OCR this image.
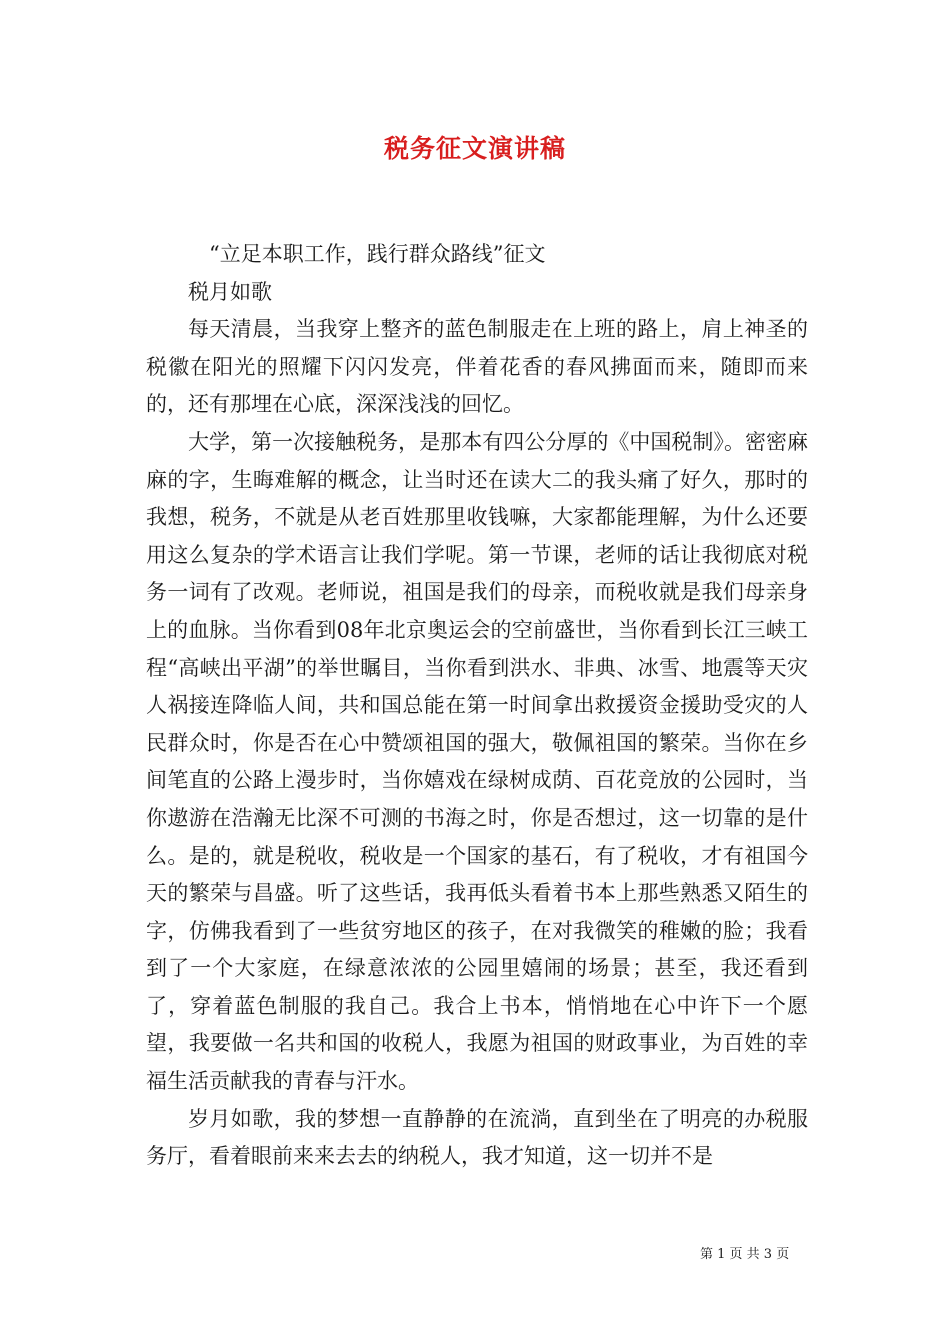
税务征文演讲稿

“立足本职工作，践行群众路线”征文

税月如歌

每天清晨，当我穿上整齐的蓝色制服走在上班的路上，肩上神圣的税徽在阳光的照耀下闪闪发亮，伴着花香的春风拂面而来，随即而来的，还有那埋在心底，深深浅浅的回忆。

大学，第一次接触税务，是那本有四公分厚的《中国税制》。密密麻麻的字，生晦难解的概念，让当时还在读大二的我头痛了好久，那时的我想，税务，不就是从老百姓那里收钱嘛，大家都能理解，为什么还要用这么复杂的学术语言让我们学呢。第一节课，老师的话让我彻底对税务一词有了改观。老师说，祖国是我们的母亲，而税收就是我们母亲身上的血脉。当你看到08年北京奥运会的空前盛世，当你看到长江三峡工程“高峡出平湖”的举世瞩目，当你看到洪水、非典、冰雪、地震等天灾人祸接连降临人间，共和国总能在第一时间拿出救援资金援助受灾的人民群众时，你是否在心中赞颂祖国的强大，敬佩祖国的繁荣。当你在乡间笔直的公路上漫步时，当你嬉戏在绿树成荫、百花竞放的公园时，当你遨游在浩瀚无比深不可测的书海之时，你是否想过，这一切靠的是什么。是的，就是税收，税收是一个国家的基石，有了税收，才有祖国今天的繁荣与昌盛。听了这些话，我再低头看着书本上那些熟悉又陌生的字，仿佛我看到了一些贫穷地区的孩子，在对我微笑的稚嫩的脸；我看到了一个大家庭，在绿意浓浓的公园里嬉闹的场景；甚至，我还看到了，穿着蓝色制服的我自己。我合上书本，悄悄地在心中许下一个愿望，我要做一名共和国的收税人，我愿为祖国的财政事业，为百姓的幸福生活贡献我的青春与汗水。

岁月如歌，我的梦想一直静静的在流淌，直到坐在了明亮的办税服务厅，看着眼前来来去去的纳税人，我才知道，这一切并不是

第 1 页 共 3 页
